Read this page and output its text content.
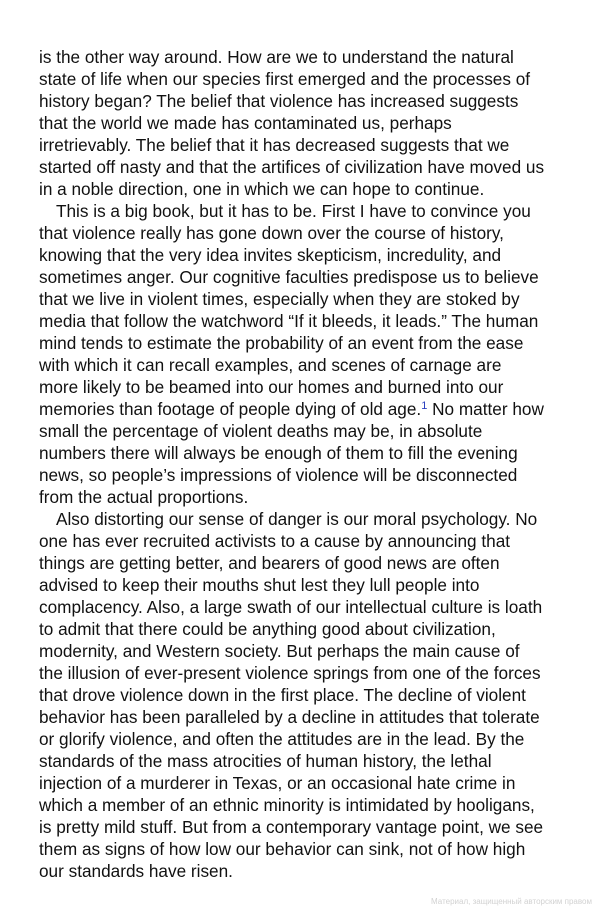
is the other way around. How are we to understand the natural
state of life when our species first emerged and the processes of
history began? The belief that violence has increased suggests
that the world we made has contaminated us, perhaps
irretrievably. The belief that it has decreased suggests that we
started off nasty and that the artifices of civilization have moved us
in a noble direction, one in which we can hope to continue.

This is a big book, but it has to be. First I have to convince you
that violence really has gone down over the course of history,
knowing that the very idea invites skepticism, incredulity, and
sometimes anger. Our cognitive faculties predispose us to believe
that we live in violent times, especially when they are stoked by
media that follow the watchword “If it bleeds, it leads.” The human
mind tends to estimate the probability of an event from the ease
with which it can recall examples, and scenes of carnage are
more likely to be beamed into our homes and burned into our
memories than footage of people dying of old age.$^1$ No matter how
small the percentage of violent deaths may be, in absolute
numbers there will always be enough of them to fill the evening
news, so people’s impressions of violence will be disconnected
from the actual proportions.

Also distorting our sense of danger is our moral psychology. No
one has ever recruited activists to a cause by announcing that
things are getting better, and bearers of good news are often
advised to keep their mouths shut lest they lull people into
complacency. Also, a large swath of our intellectual culture is loath
to admit that there could be anything good about civilization,
modernity, and Western society. But perhaps the main cause of
the illusion of ever-present violence springs from one of the forces
that drove violence down in the first place. The decline of violent
behavior has been paralleled by a decline in attitudes that tolerate
or glorify violence, and often the attitudes are in the lead. By the
standards of the mass atrocities of human history, the lethal
injection of a murderer in Texas, or an occasional hate crime in
which a member of an ethnic minority is intimidated by hooligans,
is pretty mild stuff. But from a contemporary vantage point, we see
them as signs of how low our behavior can sink, not of how high
our standards have risen.

Материал, защищенный авторским правом
